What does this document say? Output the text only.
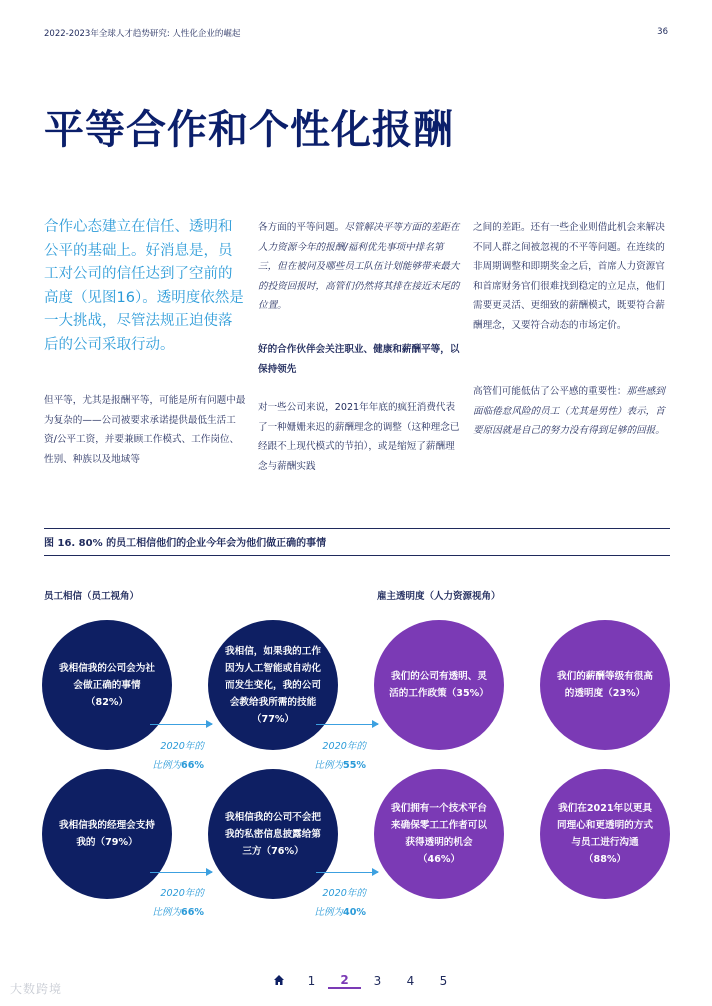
2022-2023年全球人才趋势研究: 人性化企业的崛起	36
平等合作和个性化报酬
合作心态建立在信任、透明和公平的基础上。好消息是，员工对公司的信任达到了空前的高度（见图16）。透明度依然是一大挑战，尽管法规正迫使落后的公司采取行动。
但平等，尤其是报酬平等，可能是所有问题中最为复杂的——公司被要求承诺提供最低生活工资/公平工资，并要兼顾工作模式、工作岗位、性别、种族以及地域等
各方面的平等问题。尽管解决平等方面的差距在人力资源今年的报酬/福利优先事项中排名第三，但在被问及哪些员工队伍计划能够带来最大的投资回报时，高管们仍然将其排在接近末尾的位置。
好的合作伙伴会关注职业、健康和薪酬平等，以保持领先
对一些公司来说，2021年年底的疯狂消费代表了一种姗姗来迟的薪酬理念的调整（这种理念已经跟不上现代模式的节拍），或是缩短了薪酬理念与薪酬实践
之间的差距。还有一些企业则借此机会来解决不同人群之间被忽视的不平等问题。在连续的非周期调整和即期奖金之后，首席人力资源官和首席财务官们很难找到稳定的立足点，他们需要更灵活、更细致的薪酬模式，既要符合薪酬理念，又要符合动态的市场定价。
高管们可能低估了公平感的重要性：那些感到面临倦怠风险的员工（尤其是男性）表示，首要原因就是自己的努力没有得到足够的回报。
图 16. 80% 的员工相信他们的企业今年会为他们做正确的事情
员工相信（员工视角）	雇主透明度（人力资源视角）
我相信我的公司会为社会做正确的事情（82%）
我相信，如果我的工作因为人工智能或自动化而发生变化，我的公司会教给我所需的技能（77%）
我们的公司有透明、灵活的工作政策（35%）
我们的薪酬等级有很高的透明度（23%）
我相信我的经理会支持我的（79%）
我相信我的公司不会把我的私密信息披露给第三方（76%）
我们拥有一个技术平台来确保零工工作者可以获得透明的机会（46%）
我们在2021年以更具同理心和更透明的方式与员工进行沟通（88%）
2020年的
比例为66%
2020年的
比例为55%
2020年的
比例为66%
2020年的
比例为40%
1	2	3	4	5
大数跨境
